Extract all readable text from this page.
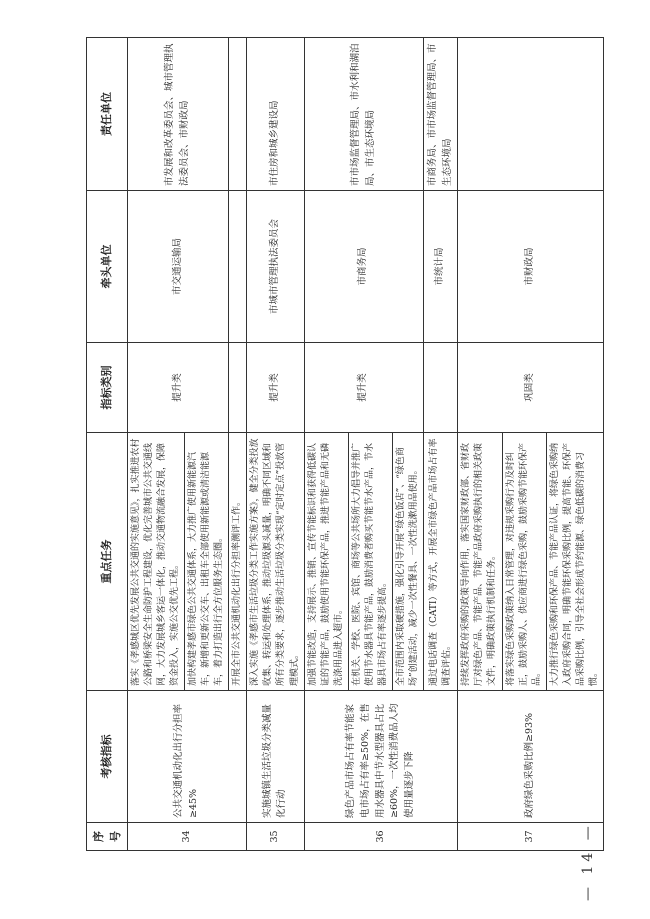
— 14 —
序号	考核指标	重点任务	指标类别	牵头单位	责任单位
34	公共交通机动化出行分担率≥45%	落实《孝感城区优先发展公共交通的实施意见》，扎实推进农村公路和桥梁安全生命防护工程建设，优化完善城市公共交通线网，大力发展城乡客运一体化，推动交通物流融合发展，保障资金投入，实施公交优先工程。	提升类	市交通运输局	市发展和改革委员会、城市管理执法委员会、市财政局
		加快构建孝感市绿色公共交通体系，大力推广使用新能源汽车，新增和更新公交车、出租车全部使用新能源或清洁能源车，着力打造出行全方位服务生态圈。			
		开展全市公共交通机动化出行分担率测评工作。			
35	实施城镇生活垃圾分类减量化行动	深入实施《孝感市生活垃圾分类工作实施方案》，健全分类投放收集、转运和处理体系，推动垃圾源头减量，明确不同区域和所有分类要求，逐步推动生活垃圾分类实现“定时定点”投放管理模式。	提升类	市城市管理执法委员会	市住房和城乡建设局
36	绿色产品市场占有率节能家电市场占有率≥50%，在售用水器具中节水型器具占比≥60%，一次性消费品人均使用量逐步下降	加强节能改造，支持展示、推销、宣传节能标识和获得低碳认证的节能产品，鼓励使用节能环保产品，推进节能产品和无磷洗涤用品进入超市。	提升类	市商务局	市市场监督管理局、市水利和湖泊局、市生态环境局
		在机关、学校、医院、宾馆、商场等公共场所大力倡导并推广使用节水器具节能产品，鼓励消费者购买节能节水产品，节水器具市场占有率逐步提高。			
		全市范围内采取硬措施，强化引导开展“绿色饭店”、“绿色商场”创建活动，减少一次性餐具、一次性洗漱用品使用。			
		通过电话调查（CATI）等方式，开展全市绿色产品市场占有率调查评估。		市统计局	市商务局、市市场监督管理局、市生态环境局
37	政府绿色采购比例≥93%	持续发挥政府采购的政策导向作用，落实国家财政部、省财政厅对绿色产品、节能产品、节能产品政府采购执行的相关政策文件，明确政策执行机制和任务。	巩固类	市财政局	
		将落实绿色采购政策纳入日常管理，对违规采购行为及时纠正，鼓励采购人、供应商进行绿色采购，鼓励采购节能环保产品。			
		大力推行绿色采购和环保产品、节能产品认证，将绿色采购纳入政府采购合同，明确节能环保采购比例，提高节能、环保产品采购比例，引导全社会形成节约能源、绿色低碳的消费习惯。			
